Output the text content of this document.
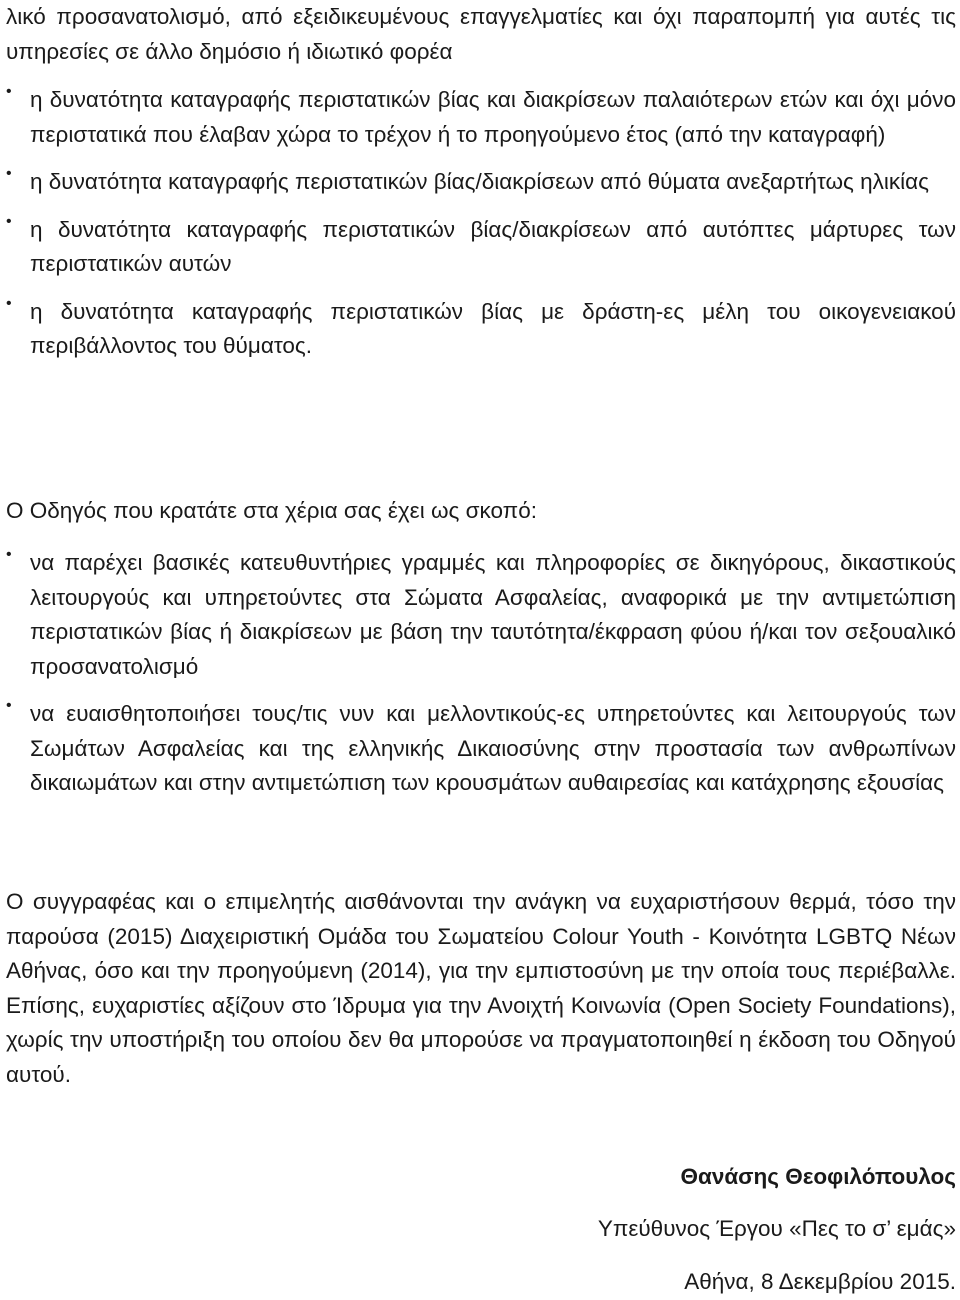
λικό προσανατολισμό, από εξειδικευμένους επαγγελματίες και όχι παραπομπή για αυτές τις υπηρεσίες σε άλλο δημόσιο ή ιδιωτικό φορέα

• η δυνατότητα καταγραφής περιστατικών βίας και διακρίσεων παλαιότερων ετών και όχι μόνο περιστατικά που έλαβαν χώρα το τρέχον ή το προηγούμενο έτος (από την καταγραφή)

• η δυνατότητα καταγραφής περιστατικών βίας/διακρίσεων από θύματα ανεξαρτήτως ηλικίας

• η δυνατότητα καταγραφής περιστατικών βίας/διακρίσεων από αυτόπτες μάρτυρες των περιστατικών αυτών

• η δυνατότητα καταγραφής περιστατικών βίας με δράστη-ες μέλη του οικογενειακού περιβάλλοντος του θύματος.

Ο Οδηγός που κρατάτε στα χέρια σας έχει ως σκοπό:

• να παρέχει βασικές κατευθυντήριες γραμμές και πληροφορίες σε δικηγόρους, δικαστικούς λειτουργούς και υπηρετούντες στα Σώματα Ασφαλείας, αναφορικά με την αντιμετώπιση περιστατικών βίας ή διακρίσεων με βάση την ταυτότητα/έκφραση φύου ή/και τον σεξουαλικό προσανατολισμό

• να ευαισθητοποιήσει τους/τις νυν και μελλοντικούς-ες υπηρετούντες και λειτουργούς των Σωμάτων Ασφαλείας και της ελληνικής Δικαιοσύνης στην προστασία των ανθρωπίνων δικαιωμάτων και στην αντιμετώπιση των κρουσμάτων αυθαιρεσίας και κατάχρησης εξουσίας

Ο συγγραφέας και ο επιμελητής αισθάνονται την ανάγκη να ευχαριστήσουν θερμά, τόσο την παρούσα (2015) Διαχειριστική Ομάδα του Σωματείου Colour Youth - Κοινότητα LGBTQ Νέων Αθήνας, όσο και την προηγούμενη (2014), για την εμπιστοσύνη με την οποία τους περιέβαλλε. Επίσης, ευχαριστίες αξίζουν στο Ίδρυμα για την Ανοιχτή Κοινωνία (Open Society Foundations), χωρίς την υποστήριξη του οποίου δεν θα μπορούσε να πραγματοποιηθεί η έκδοση του Οδηγού αυτού.

Θανάσης Θεοφιλόπουλος
Υπεύθυνος Έργου «Πες το σ’ εμάς»
Αθήνα, 8 Δεκεμβρίου 2015.
